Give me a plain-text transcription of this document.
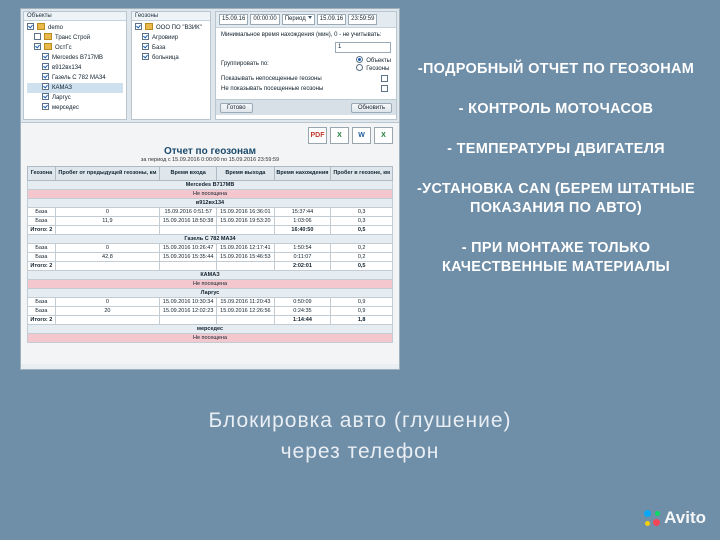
Объекты
demo
Транс Строй
ОстГс
Mercedes B717MB
в912вх134
Газель С 782 МА34
КАМАЗ
Ларгус
мерседес
Геозоны
ООО ПО "ВЗИК"
Агровиир
База
больница
15.09.16	00:00:00	Период	15.09.16	23:59:59
Минимальное время нахождения (мин), 0 - не учитывать:
1
Группировать по:	Объекты
Геозоны
Показывать непосещенные геозоны
Не показывать посещенные геозоны
Готово	Обновить
PDF	X	W	X
Отчет по геозонам
за период с 15.09.2016 0:00:00 по 15.09.2016 23:59:59
Геозона	Пробег от предыдущей геозоны, км	Время входа	Время выхода	Время нахождения	Пробег в геозоне, км
Mercedes B717MB					
Не посещена					
в912вх134					
База	0	15.09.2016 0:51:57	15.09.2016 16:36:01	15:37:44	0,3
База	11,9	15.09.2016 18:50:38	15.09.2016 19:53:20	1:03:06	0,3
Итого: 2				16:40:50	0,5
Газель С 782 МА34					
База	0	15.09.2016 10:26:47	15.09.2016 12:17:41	1:50:54	0,2
База	42,8	15.09.2016 15:35:44	15.09.2016 15:46:53	0:11:07	0,2
Итого: 2				2:02:01	0,5
КАМАЗ					
Не посещена					
Ларгус					
База	0	15.09.2016 10:30:34	15.09.2016 11:20:43	0:50:09	0,9
База	20	15.09.2016 12:02:23	15.09.2016 12:26:56	0:24:35	0,9
Итого: 2				1:14:44	1,8
мерседес					
Не посещена					
-ПОДРОБНЫЙ ОТЧЕТ ПО ГЕОЗОНАМ
- КОНТРОЛЬ МОТОЧАСОВ
- ТЕМПЕРАТУРЫ ДВИГАТЕЛЯ
-УСТАНОВКА CAN (БЕРЕМ ШТАТНЫЕ ПОКАЗАНИЯ ПО АВТО)
- ПРИ МОНТАЖЕ ТОЛЬКО КАЧЕСТВЕННЫЕ МАТЕРИАЛЫ
Блокировка авто (глушение)
через телефон
Avito
